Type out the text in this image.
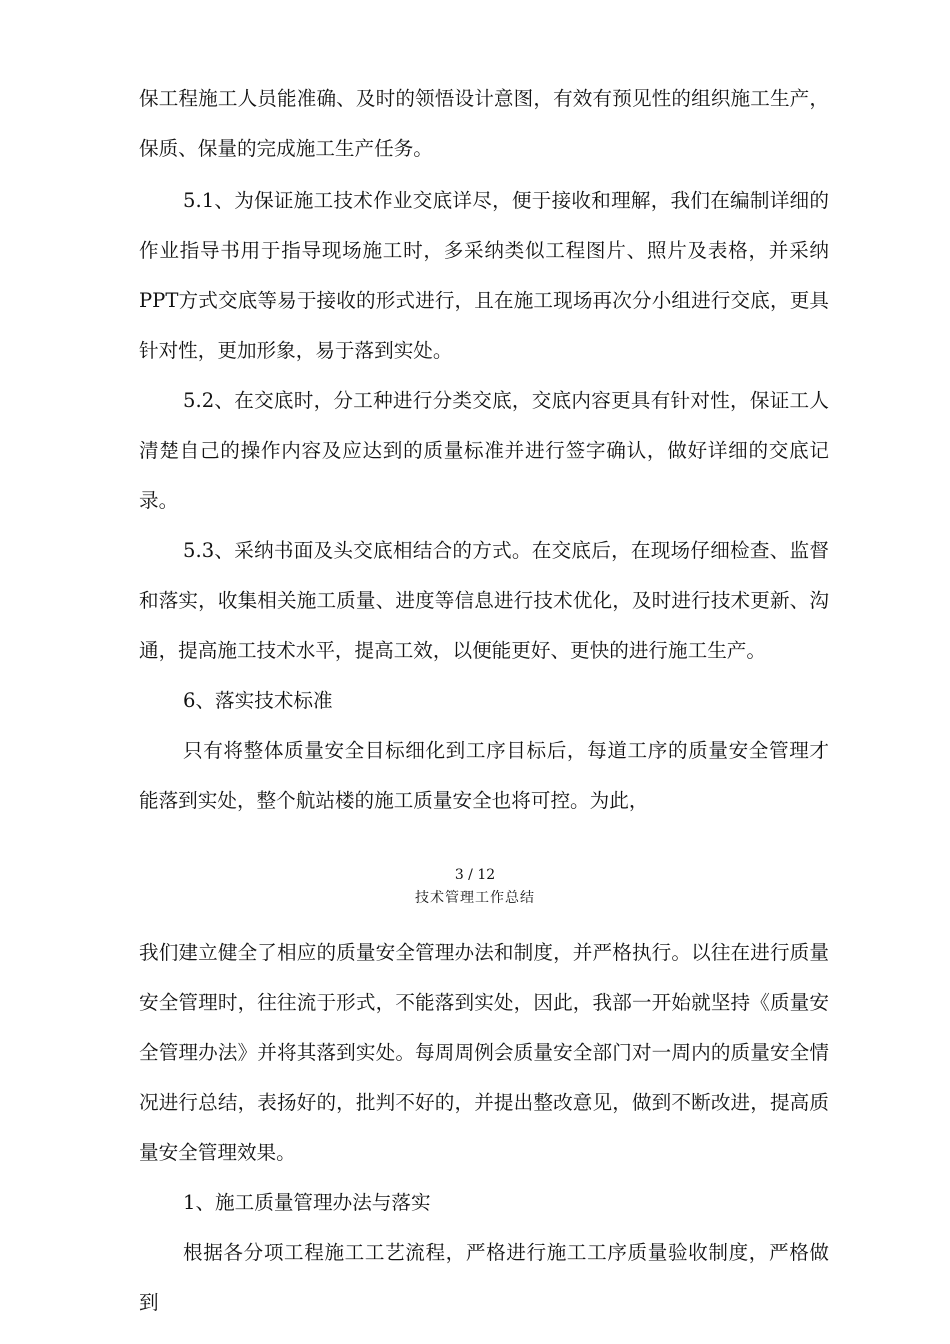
保工程施工人员能准确、及时的领悟设计意图，有效有预见性的组织施工生产，保质、保量的完成施工生产任务。

5.1、为保证施工技术作业交底详尽，便于接收和理解，我们在编制详细的作业指导书用于指导现场施工时，多采纳类似工程图片、照片及表格，并采纳PPT方式交底等易于接收的形式进行，且在施工现场再次分小组进行交底，更具针对性，更加形象，易于落到实处。

5.2、在交底时，分工种进行分类交底，交底内容更具有针对性，保证工人清楚自己的操作内容及应达到的质量标准并进行签字确认，做好详细的交底记录。

5.3、采纳书面及头交底相结合的方式。在交底后，在现场仔细检查、监督和落实，收集相关施工质量、进度等信息进行技术优化，及时进行技术更新、沟通，提高施工技术水平，提高工效，以便能更好、更快的进行施工生产。

6、落实技术标准

只有将整体质量安全目标细化到工序目标后，每道工序的质量安全管理才能落到实处，整个航站楼的施工质量安全也将可控。为此，

3 / 12
技术管理工作总结

我们建立健全了相应的质量安全管理办法和制度，并严格执行。以往在进行质量安全管理时，往往流于形式，不能落到实处，因此，我部一开始就坚持《质量安全管理办法》并将其落到实处。每周周例会质量安全部门对一周内的质量安全情况进行总结，表扬好的，批判不好的，并提出整改意见，做到不断改进，提高质量安全管理效果。

1、施工质量管理办法与落实

根据各分项工程施工工艺流程，严格进行施工工序质量验收制度，严格做到
